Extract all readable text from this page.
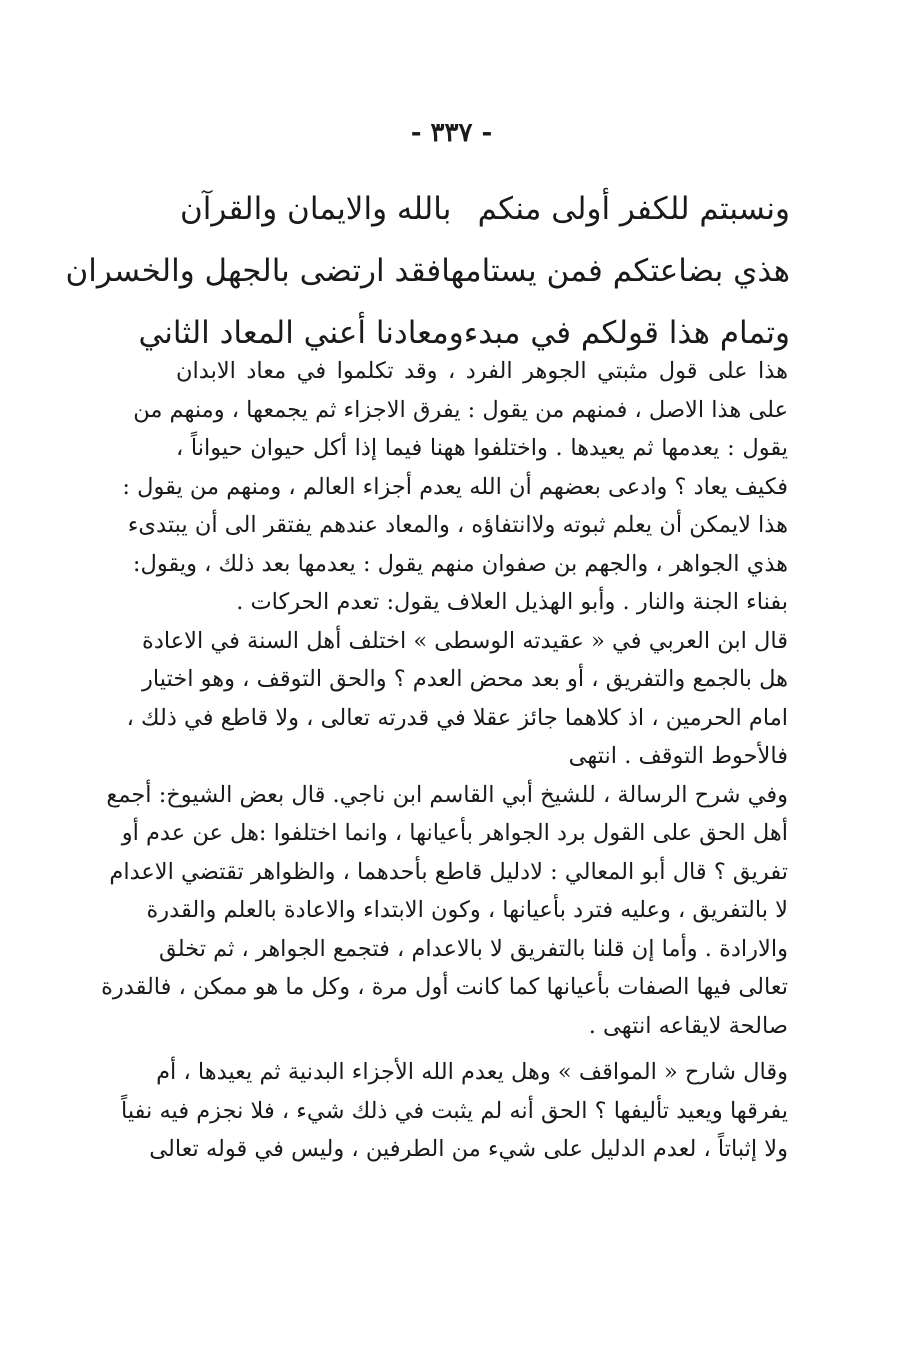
- ٣٣٧ -
ونسبتم للكفر أولى منكم
بالله والايمان والقرآن
هذي بضاعتكم فمن يستامها
فقد ارتضى بالجهل والخسران
وتمام هذا قولكم في مبدء
ومعادنا أعني المعاد الثاني
هذا على قول مثبتي الجوهر الفرد ، وقد تكلموا في معاد الابدان
على هذا الاصل ، فمنهم من يقول : يفرق الاجزاء ثم يجمعها ، ومنهم من
يقول : يعدمها ثم يعيدها . واختلفوا ههنا فيما إذا أكل حيوان حيواناً ،
فكيف يعاد ؟ وادعى بعضهم أن الله يعدم أجزاء العالم ، ومنهم من يقول :
هذا لايمكن أن يعلم ثبوته ولاانتفاؤه ، والمعاد عندهم يفتقر الى أن يبتدىء
هذي الجواهر ، والجهم بن صفوان منهم يقول : يعدمها بعد ذلك ، ويقول:
بفناء الجنة والنار . وأبو الهذيل العلاف يقول: تعدم الحركات .
قال ابن العربي في « عقيدته الوسطى » اختلف أهل السنة في الاعادة
هل بالجمع والتفريق ، أو بعد محض العدم ؟ والحق التوقف ، وهو اختيار
امام الحرمين ، اذ كلاهما جائز عقلا في قدرته تعالى ، ولا قاطع في ذلك ،
فالأحوط التوقف . انتهى
وفي شرح الرسالة ، للشيخ أبي القاسم ابن ناجي. قال بعض الشيوخ: أجمع
أهل الحق على القول برد الجواهر بأعيانها ، وانما اختلفوا :هل عن عدم أو
تفريق ؟ قال أبو المعالي : لادليل قاطع بأحدهما ، والظواهر تقتضي الاعدام
لا بالتفريق ، وعليه فترد بأعيانها ، وكون الابتداء والاعادة بالعلم والقدرة
والارادة . وأما إن قلنا بالتفريق لا بالاعدام ، فتجمع الجواهر ، ثم تخلق
تعالى فيها الصفات بأعيانها كما كانت أول مرة ، وكل ما هو ممكن ، فالقدرة
صالحة لايقاعه انتهى .
وقال شارح « المواقف » وهل يعدم الله الأجزاء البدنية ثم يعيدها ، أم
يفرقها ويعيد تأليفها ؟ الحق أنه لم يثبت في ذلك شيء ، فلا نجزم فيه نفياً
ولا إثباتاً ، لعدم الدليل على شيء من الطرفين ، وليس في قوله تعالى
